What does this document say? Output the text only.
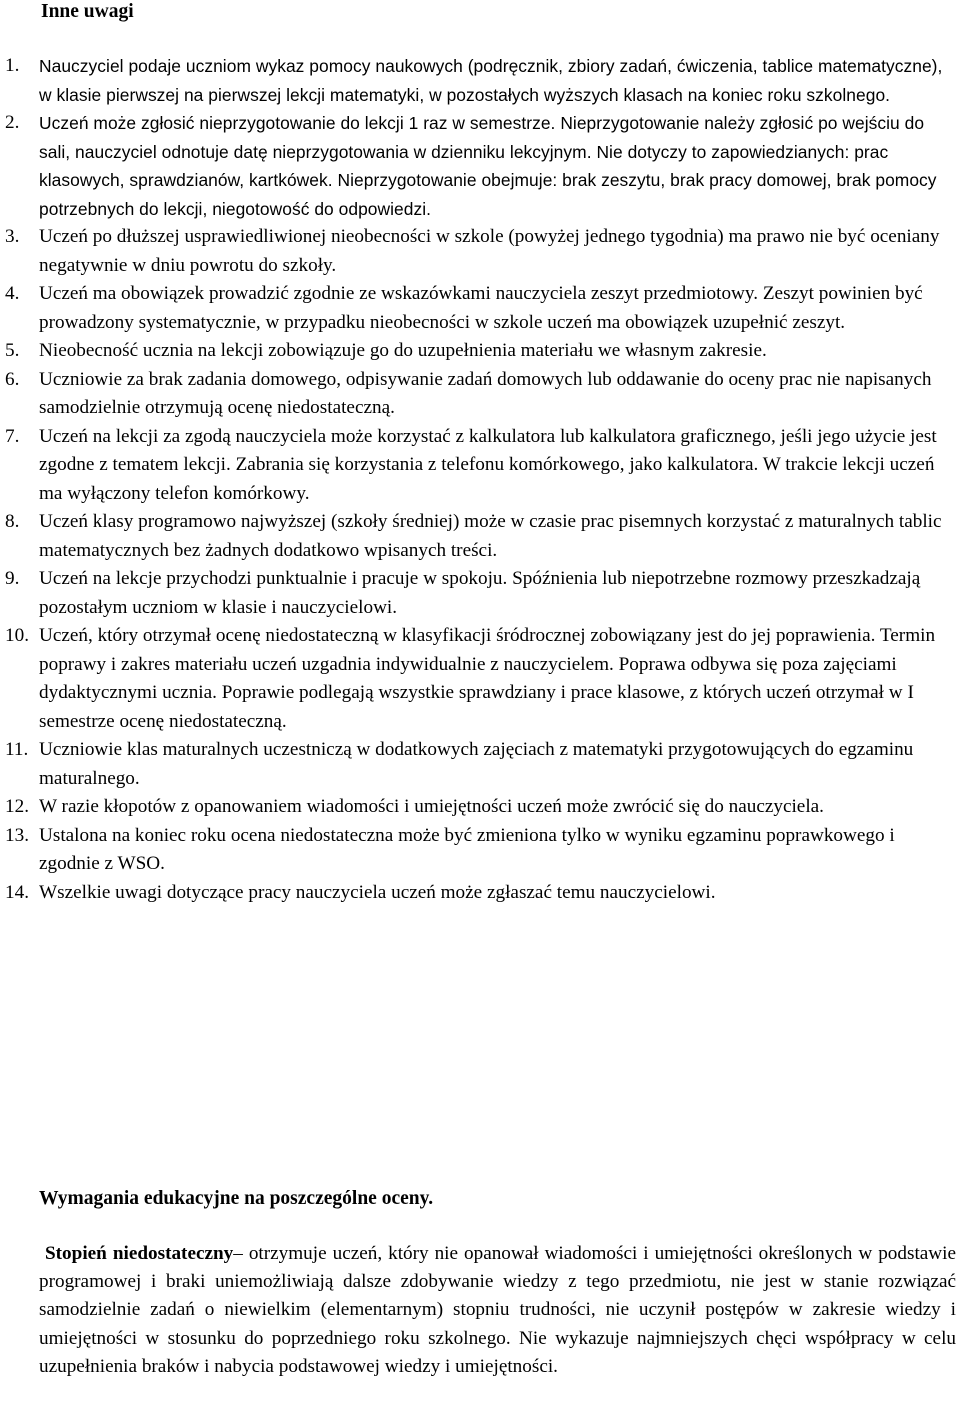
Inne uwagi
1. Nauczyciel podaje uczniom wykaz pomocy naukowych (podręcznik, zbiory zadań, ćwiczenia, tablice matematyczne), w klasie pierwszej na pierwszej lekcji matematyki, w pozostałych wyższych klasach na koniec roku szkolnego.
2. Uczeń może zgłosić nieprzygotowanie do lekcji 1 raz w semestrze. Nieprzygotowanie należy zgłosić po wejściu do sali, nauczyciel odnotuje datę nieprzygotowania w dzienniku lekcyjnym. Nie dotyczy to zapowiedzianych: prac klasowych, sprawdzianów, kartkówek. Nieprzygotowanie obejmuje: brak zeszytu, brak pracy domowej, brak pomocy potrzebnych do lekcji, niegotowość do odpowiedzi.
3. Uczeń po dłuższej usprawiedliwionej nieobecności w szkole (powyżej jednego tygodnia) ma prawo nie być oceniany negatywnie w dniu powrotu do szkoły.
4. Uczeń ma obowiązek prowadzić zgodnie ze wskazówkami nauczyciela zeszyt przedmiotowy. Zeszyt powinien być prowadzony systematycznie, w przypadku nieobecności w szkole uczeń ma obowiązek uzupełnić zeszyt.
5. Nieobecność ucznia na lekcji zobowiązuje go do uzupełnienia materiału we własnym zakresie.
6. Uczniowie za brak zadania domowego, odpisywanie zadań domowych lub oddawanie do oceny prac nie napisanych samodzielnie otrzymują ocenę niedostateczną.
7. Uczeń na lekcji za zgodą nauczyciela może korzystać z kalkulatora lub kalkulatora graficznego, jeśli jego użycie jest zgodne z tematem lekcji. Zabrania się korzystania z telefonu komórkowego, jako kalkulatora. W trakcie lekcji uczeń ma wyłączony telefon komórkowy.
8. Uczeń klasy programowo najwyższej (szkoły średniej) może w czasie prac pisemnych korzystać z maturalnych tablic matematycznych bez żadnych dodatkowo wpisanych treści.
9. Uczeń na lekcje przychodzi punktualnie i pracuje w spokoju. Spóźnienia lub niepotrzebne rozmowy przeszkadzają pozostałym uczniom w klasie i nauczycielowi.
10. Uczeń, który otrzymał ocenę niedostateczną w klasyfikacji śródrocznej zobowiązany jest do jej poprawienia. Termin poprawy i zakres materiału uczeń uzgadnia indywidualnie z nauczycielem. Poprawa odbywa się poza zajęciami dydaktycznymi ucznia. Poprawie podlegają wszystkie sprawdziany i prace klasowe, z których uczeń otrzymał w I semestrze ocenę niedostateczną.
11. Uczniowie klas maturalnych uczestniczą w dodatkowych zajęciach z matematyki przygotowujących do egzaminu maturalnego.
12. W razie kłopotów z opanowaniem wiadomości i umiejętności uczeń może zwrócić się do nauczyciela.
13. Ustalona na koniec roku ocena niedostateczna może być zmieniona tylko w wyniku egzaminu poprawkowego i zgodnie z WSO.
14. Wszelkie uwagi dotyczące pracy nauczyciela uczeń może zgłaszać temu nauczycielowi.
Wymagania edukacyjne na poszczególne oceny.

Stopień niedostateczny– otrzymuje uczeń, który nie opanował wiadomości i umiejętności określonych w podstawie programowej i braki uniemożliwiają dalsze zdobywanie wiedzy z tego przedmiotu, nie jest w stanie rozwiązać samodzielnie zadań o niewielkim (elementarnym) stopniu trudności, nie uczynił postępów w zakresie wiedzy i umiejętności w stosunku do poprzedniego roku szkolnego. Nie wykazuje najmniejszych chęci współpracy w celu uzupełnienia braków i nabycia podstawowej wiedzy i umiejętności.
